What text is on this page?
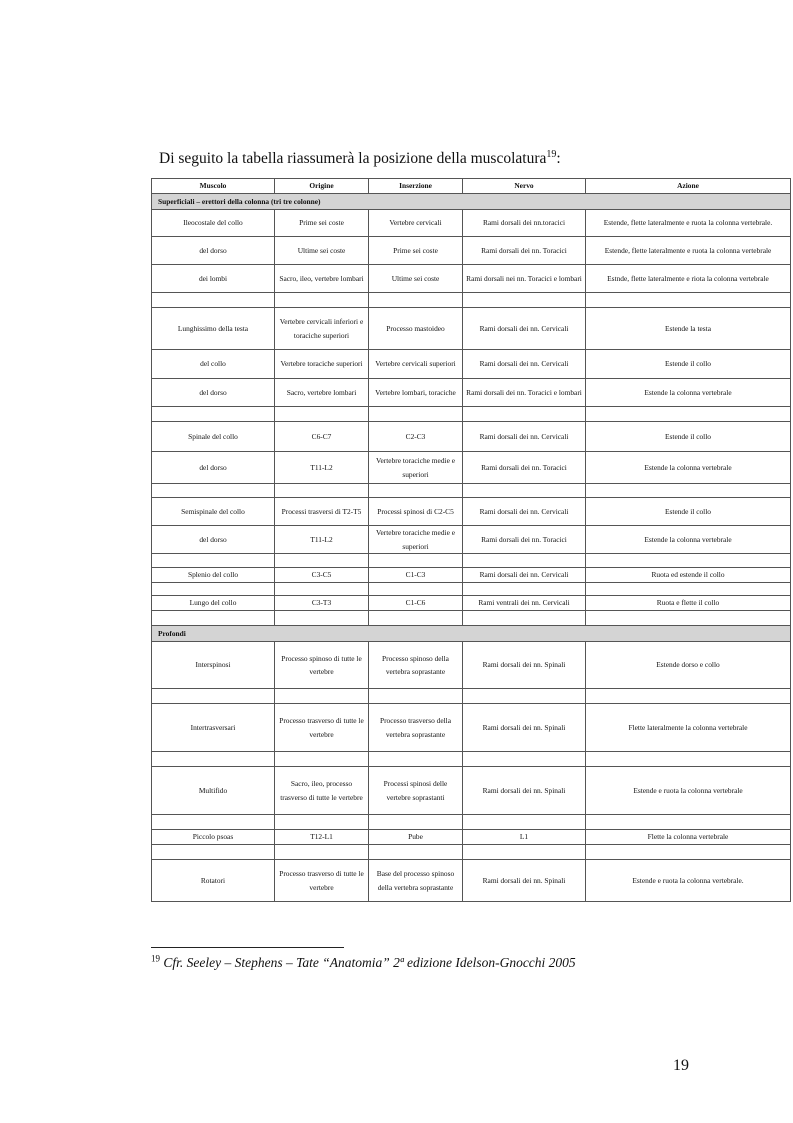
Di seguito la tabella riassumerà la posizione della muscolatura$^{19}$:
Muscolo	Origine	Inserzione	Nervo	Azione
Superficiali – erettori della colonna (tri tre colonne)				
Ileocostale del collo	Prime sei coste	Vertebre cervicali	Rami dorsali dei nn.toracici	Estende, flette lateralmente e ruota la colonna vertebrale.
del dorso	Ultime sei coste	Prime sei coste	Rami dorsali dei nn. Toracici	Estende, flette lateralmente e ruota la colonna vertebrale
dei lombi	Sacro, ileo, vertebre lombari	Ultime sei coste	Rami dorsali nei nn. Toracici e lombari	Estnde, flette lateralmente e riota la colonna vertebrale

Lunghissimo della testa	Vertebre cervicali inferiori e toraciche superiori	Processo mastoideo	Rami dorsali dei nn. Cervicali	Estende la testa
del collo	Vertebre toraciche superiori	Vertebre cervicali superiori	Rami dorsali dei nn. Cervicali	Estende il collo
del dorso	Sacro, vertebre lombari	Vertebre lombari, toraciche	Rami dorsali dei nn. Toracici e lombari	Estende la colonna vertebrale

Spinale del collo	C6-C7	C2-C3	Rami dorsali dei nn. Cervicali	Estende il collo
del dorso	T11-L2	Vertebre toraciche medie e superiori	Rami dorsali dei nn. Toracici	Estende la colonna vertebrale

Semispinale del collo	Processi trasversi di T2-T5	Processi spinosi di C2-C5	Rami dorsali dei nn. Cervicali	Estende il collo
del dorso	T11-L2	Vertebre toraciche medie e superiori	Rami dorsali dei nn. Toracici	Estende la colonna vertebrale

Splenio del collo	C3-C5	C1-C3	Rami dorsali dei nn. Cervicali	Ruota ed estende il collo

Lungo del collo	C3-T3	C1-C6	Rami ventrali dei nn. Cervicali	Ruota e flette il collo

Profondi				
Interspinosi	Processo spinoso di tutte le vertebre	Processo spinoso della vertebra soprastante	Rami dorsali dei nn. Spinali	Estende dorso e collo

Intertrasversari	Processo trasverso di tutte le vertebre	Processo trasverso della vertebra soprastante	Rami dorsali dei nn. Spinali	Flette lateralmente la colonna vertebrale

Multifido	Sacro, ileo, processo trasverso di tutte le vertebre	Processi spinosi delle vertebre soprastanti	Rami dorsali dei nn. Spinali	Estende e ruota la colonna vertebrale

Piccolo psoas	T12-L1	Pube	L1	Flette la colonna vertebrale

Rotatori	Processo trasverso di tutte le vertebre	Base del processo spinoso della vertebra soprastante	Rami dorsali dei nn. Spinali	Estende e ruota la colonna vertebrale.
$^{19}$ Cfr. Seeley – Stephens – Tate “Anatomia” 2ª edizione Idelson-Gnocchi 2005
19
